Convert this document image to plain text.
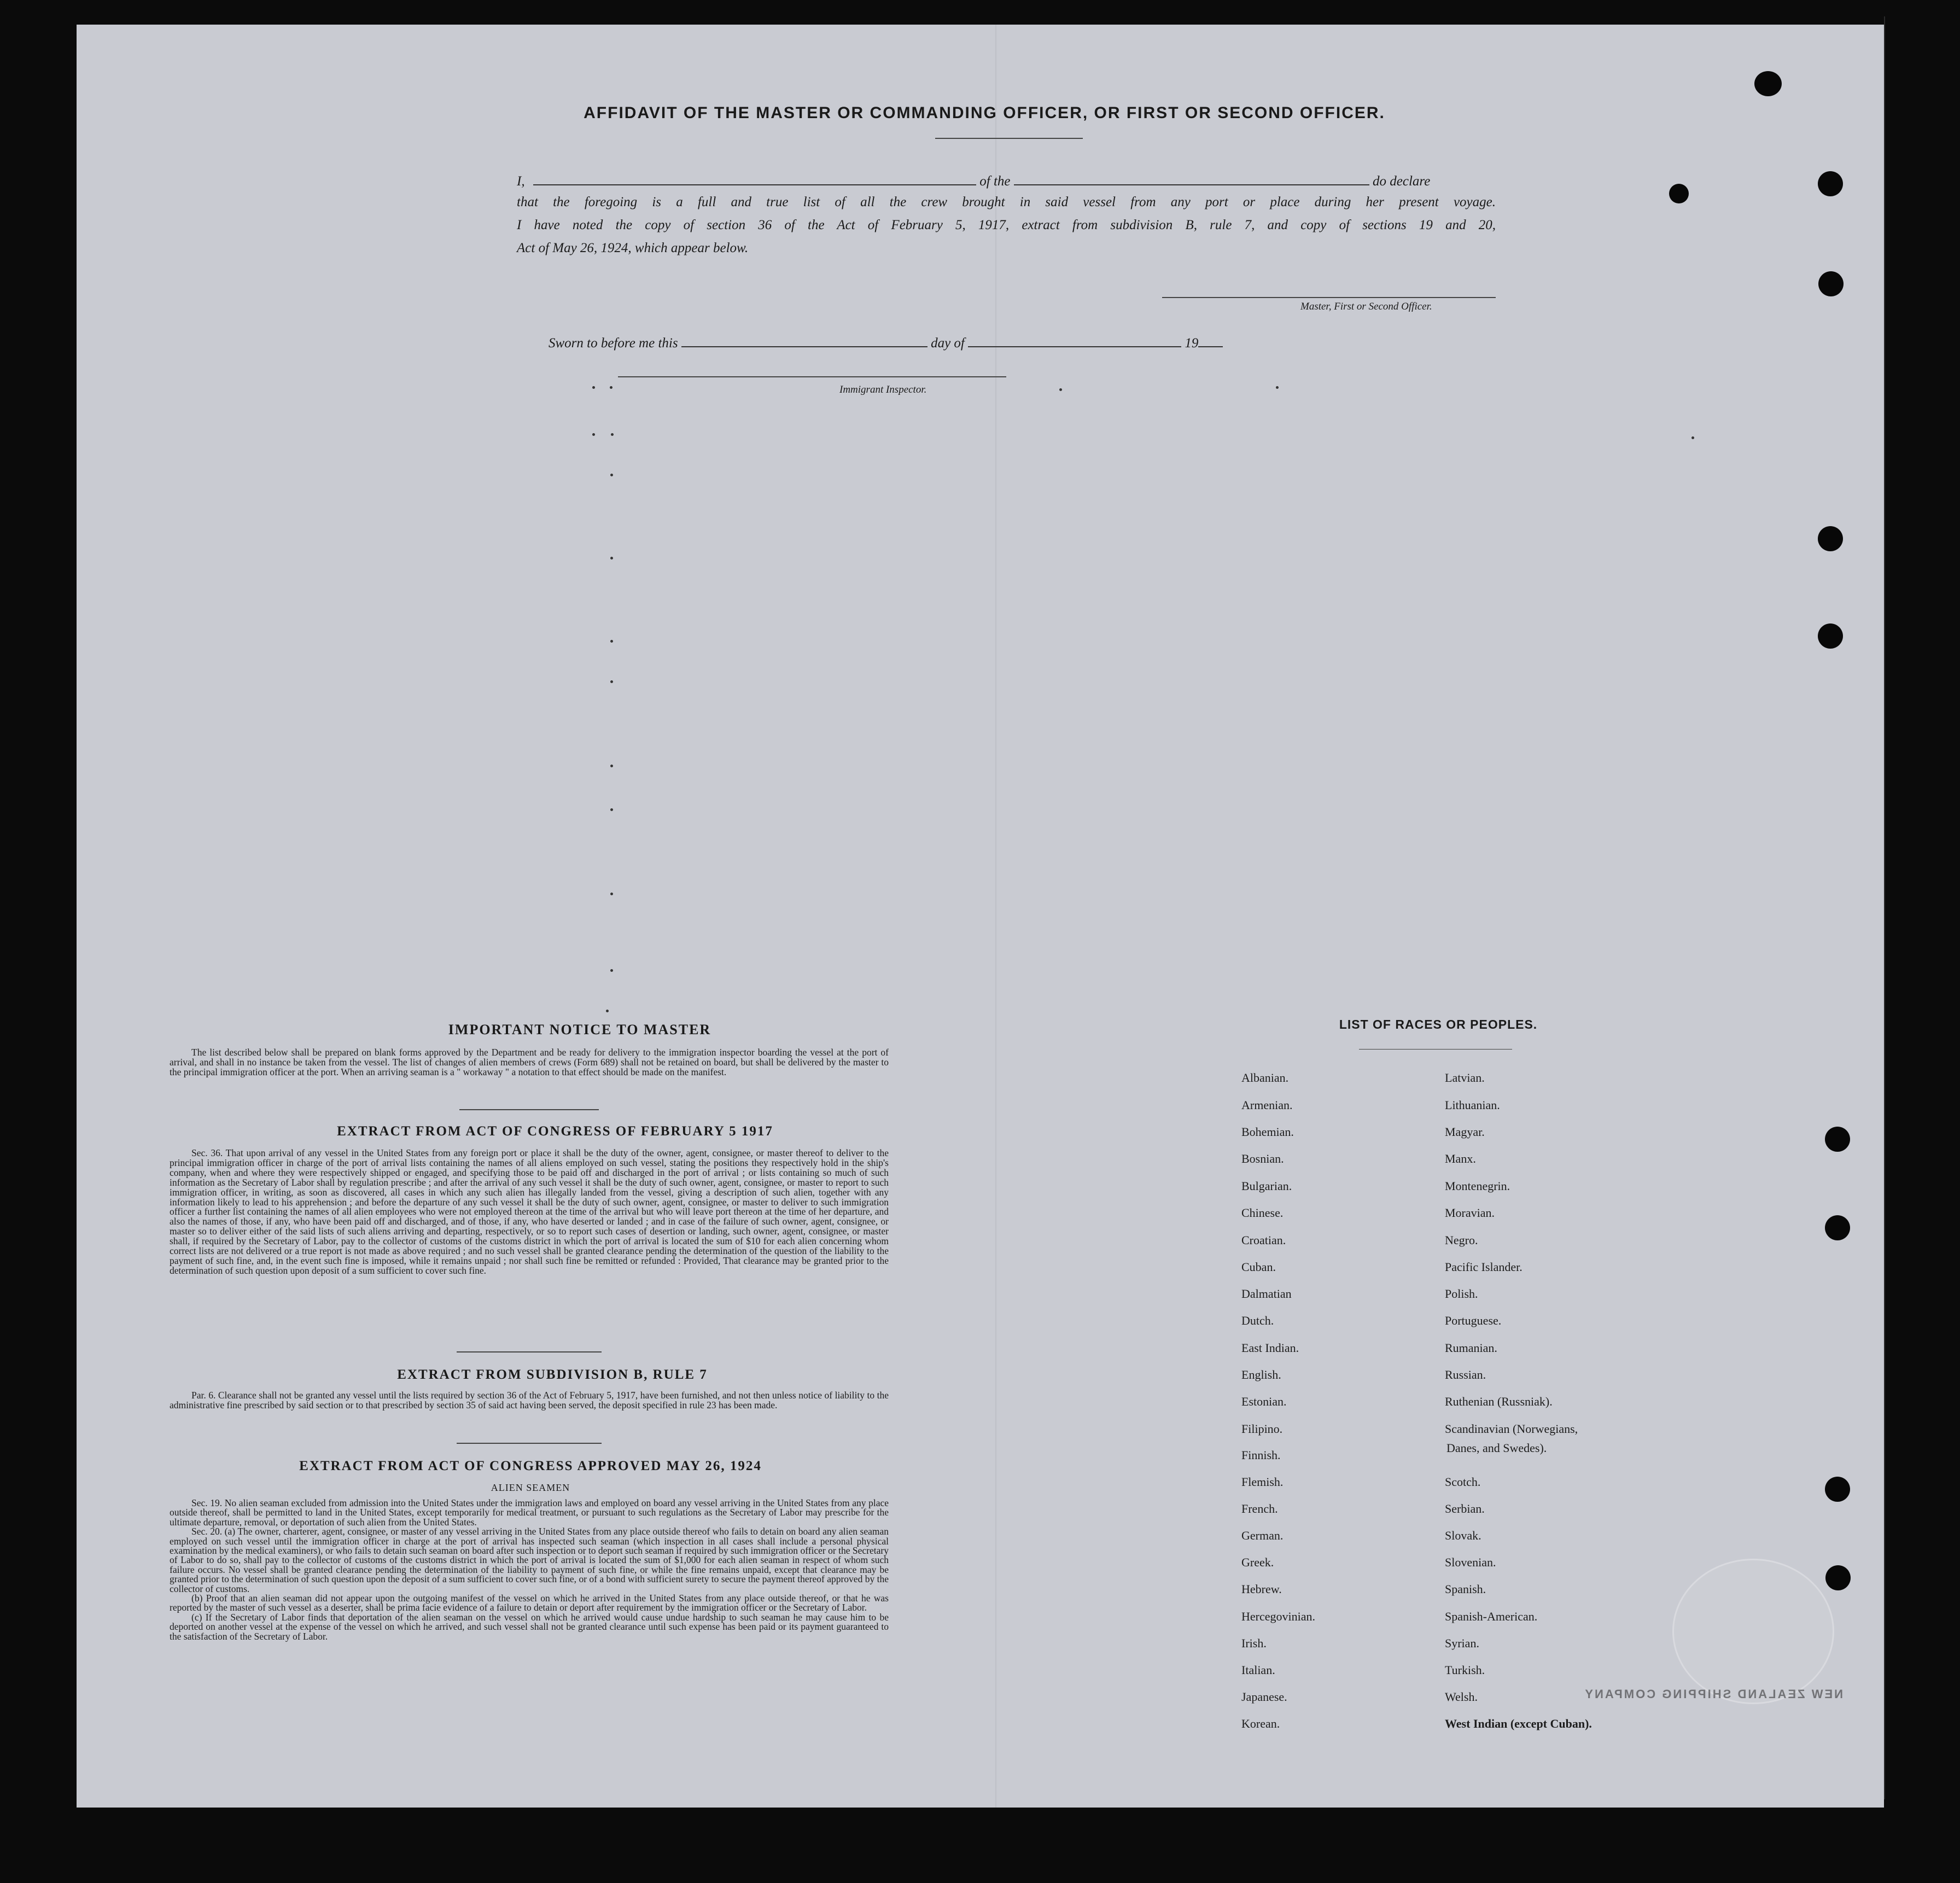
AFFIDAVIT OF THE MASTER OR COMMANDING OFFICER, OR FIRST OR SECOND OFFICER.
I,	of the	do declare
that the foregoing is a full and true list of all the crew brought in said vessel from any port or place during her present voyage.
I have noted the copy of section 36 of the Act of February 5, 1917, extract from subdivision B, rule 7, and copy of sections 19 and 20,
Act of May 26, 1924, which appear below.
Master, First or Second Officer.
Sworn to before me this	day of	19
Immigrant Inspector.
IMPORTANT NOTICE TO MASTER

The list described below shall be prepared on blank forms approved by the Department and be ready for delivery to the immigration inspector boarding the vessel at the port of arrival, and shall in no instance be taken from the vessel. The list of changes of alien members of crews (Form 689) shall not be retained on board, but shall be delivered by the master to the principal immigration officer at the port. When an arriving seaman is a " workaway " a notation to that effect should be made on the manifest.

EXTRACT FROM ACT OF CONGRESS OF FEBRUARY 5 1917

Sec. 36. That upon arrival of any vessel in the United States from any foreign port or place it shall be the duty of the owner, agent, consignee, or master thereof to deliver to the principal immigration officer in charge of the port of arrival lists containing the names of all aliens employed on such vessel, stating the positions they respectively hold in the ship's company, when and where they were respectively shipped or engaged, and specifying those to be paid off and discharged in the port of arrival ; or lists containing so much of such information as the Secretary of Labor shall by regulation prescribe ; and after the arrival of any such vessel it shall be the duty of such owner, agent, consignee, or master to report to such immigration officer, in writing, as soon as discovered, all cases in which any such alien has illegally landed from the vessel, giving a description of such alien, together with any information likely to lead to his apprehension ; and before the departure of any such vessel it shall be the duty of such owner, agent, consignee, or master to deliver to such immigration officer a further list containing the names of all alien employees who were not employed thereon at the time of the arrival but who will leave port thereon at the time of her departure, and also the names of those, if any, who have been paid off and discharged, and of those, if any, who have deserted or landed ; and in case of the failure of such owner, agent, consignee, or master so to deliver either of the said lists of such aliens arriving and departing, respectively, or so to report such cases of desertion or landing, such owner, agent, consignee, or master shall, if required by the Secretary of Labor, pay to the collector of customs of the customs district in which the port of arrival is located the sum of $10 for each alien concerning whom correct lists are not delivered or a true report is not made as above required ; and no such vessel shall be granted clearance pending the determination of the question of the liability to the payment of such fine, and, in the event such fine is imposed, while it remains unpaid ; nor shall such fine be remitted or refunded : Provided, That clearance may be granted prior to the determination of such question upon deposit of a sum sufficient to cover such fine.

EXTRACT FROM SUBDIVISION B, RULE 7

Par. 6. Clearance shall not be granted any vessel until the lists required by section 36 of the Act of February 5, 1917, have been furnished, and not then unless notice of liability to the administrative fine prescribed by said section or to that prescribed by section 35 of said act having been served, the deposit specified in rule 23 has been made.

EXTRACT FROM ACT OF CONGRESS APPROVED MAY 26, 1924
ALIEN SEAMEN

Sec. 19. No alien seaman excluded from admission into the United States under the immigration laws and employed on board any vessel arriving in the United States from any place outside thereof, shall be permitted to land in the United States, except temporarily for medical treatment, or pursuant to such regulations as the Secretary of Labor may prescribe for the ultimate departure, removal, or deportation of such alien from the United States.

Sec. 20. (a) The owner, charterer, agent, consignee, or master of any vessel arriving in the United States from any place outside thereof who fails to detain on board any alien seaman employed on such vessel until the immigration officer in charge at the port of arrival has inspected such seaman (which inspection in all cases shall include a personal physical examination by the medical examiners), or who fails to detain such seaman on board after such inspection or to deport such seaman if required by such immigration officer or the Secretary of Labor to do so, shall pay to the collector of customs of the customs district in which the port of arrival is located the sum of $1,000 for each alien seaman in respect of whom such failure occurs. No vessel shall be granted clearance pending the determination of the liability to payment of such fine, or while the fine remains unpaid, except that clearance may be granted prior to the determination of such question upon the deposit of a sum sufficient to cover such fine, or of a bond with sufficient surety to secure the payment thereof approved by the collector of customs.

(b) Proof that an alien seaman did not appear upon the outgoing manifest of the vessel on which he arrived in the United States from any place outside thereof, or that he was reported by the master of such vessel as a deserter, shall be prima facie evidence of a failure to detain or deport after requirement by the immigration officer or the Secretary of Labor.

(c) If the Secretary of Labor finds that deportation of the alien seaman on the vessel on which he arrived would cause undue hardship to such seaman he may cause him to be deported on another vessel at the expense of the vessel on which he arrived, and such vessel shall not be granted clearance until such expense has been paid or its payment guaranteed to the satisfaction of the Secretary of Labor.

LIST OF RACES OR PEOPLES.
Albanian.
Armenian.
Bohemian.
Bosnian.
Bulgarian.
Chinese.
Croatian.
Cuban.
Dalmatian
Dutch.
East Indian.
English.
Estonian.
Filipino.
Finnish.
Flemish.
French.
German.
Greek.
Hebrew.
Hercegovinian.
Irish.
Italian.
Japanese.
Korean.
Latvian.
Lithuanian.
Magyar.
Manx.
Montenegrin.
Moravian.
Negro.
Pacific Islander.
Polish.
Portuguese.
Rumanian.
Russian.
Ruthenian (Russniak).
Scandinavian (Norwegians,
Danes, and Swedes).
Scotch.
Serbian.
Slovak.
Slovenian.
Spanish.
Spanish-American.
Syrian.
Turkish.
Welsh.
West Indian (except Cuban).
NEW ZEALAND SHIPPING COMPANY
